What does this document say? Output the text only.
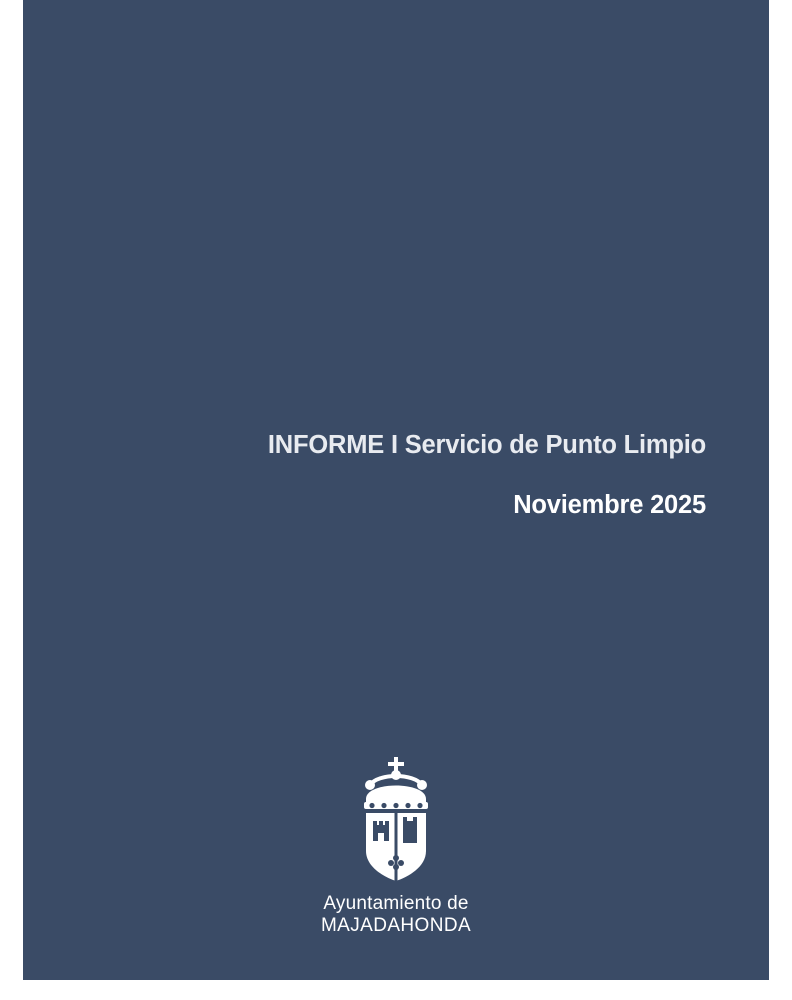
INFORME I Servicio de Punto Limpio
Noviembre 2025
Ayuntamiento de
MAJADAHONDA
